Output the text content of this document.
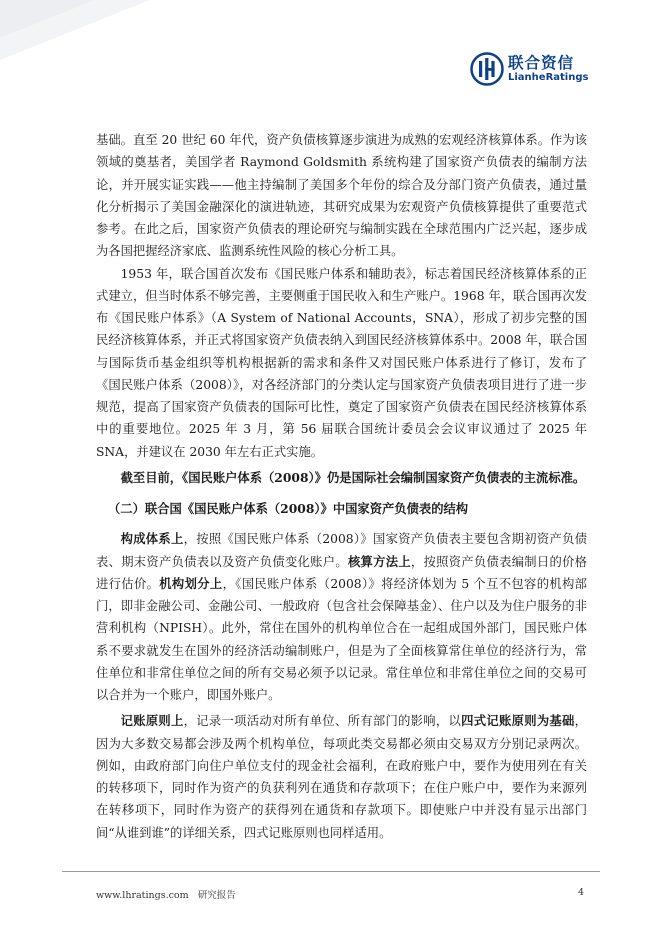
联合资信
LianheRatings

基础。直至 20 世纪 60 年代，资产负债核算逐步演进为成熟的宏观经济核算体系。作为该领域的奠基者，美国学者 Raymond Goldsmith 系统构建了国家资产负债表的编制方法论，并开展实证实践——他主持编制了美国多个年份的综合及分部门资产负债表，通过量化分析揭示了美国金融深化的演进轨迹，其研究成果为宏观资产负债核算提供了重要范式参考。在此之后，国家资产负债表的理论研究与编制实践在全球范围内广泛兴起，逐步成为各国把握经济家底、监测系统性风险的核心分析工具。

1953 年，联合国首次发布《国民账户体系和辅助表》，标志着国民经济核算体系的正式建立，但当时体系不够完善，主要侧重于国民收入和生产账户。1968 年，联合国再次发布《国民账户体系》（A System of National Accounts，SNA），形成了初步完整的国民经济核算体系，并正式将国家资产负债表纳入到国民经济核算体系中。2008 年，联合国与国际货币基金组织等机构根据新的需求和条件又对国民账户体系进行了修订，发布了《国民账户体系（2008）》，对各经济部门的分类认定与国家资产负债表项目进行了进一步规范，提高了国家资产负债表的国际可比性，奠定了国家资产负债表在国民经济核算体系中的重要地位。2025 年 3 月，第 56 届联合国统计委员会会议审议通过了 2025 年 SNA，并建议在 2030 年左右正式实施。

截至目前，《国民账户体系（2008）》仍是国际社会编制国家资产负债表的主流标准。

（二）联合国《国民账户体系（2008）》中国家资产负债表的结构

构成体系上，按照《国民账户体系（2008）》国家资产负债表主要包含期初资产负债表、期末资产负债表以及资产负债变化账户。核算方法上，按照资产负债表编制日的价格进行估价。机构划分上，《国民账户体系（2008）》将经济体划为 5 个互不包容的机构部门，即非金融公司、金融公司、一般政府（包含社会保障基金）、住户以及为住户服务的非营利机构（NPISH）。此外，常住在国外的机构单位合在一起组成国外部门，国民账户体系不要求就发生在国外的经济活动编制账户，但是为了全面核算常住单位的经济行为，常住单位和非常住单位之间的所有交易必须予以记录。常住单位和非常住单位之间的交易可以合并为一个账户，即国外账户。

记账原则上，记录一项活动对所有单位、所有部门的影响，以四式记账原则为基础，因为大多数交易都会涉及两个机构单位，每项此类交易都必须由交易双方分别记录两次。例如，由政府部门向住户单位支付的现金社会福利，在政府账户中，要作为使用列在有关的转移项下，同时作为资产的负获利列在通货和存款项下；在住户账户中，要作为来源列在转移项下，同时作为资产的获得列在通货和存款项下。即使账户中并没有显示出部门间“从谁到谁”的详细关系，四式记账原则也同样适用。

www.lhratings.com 研究报告	4
